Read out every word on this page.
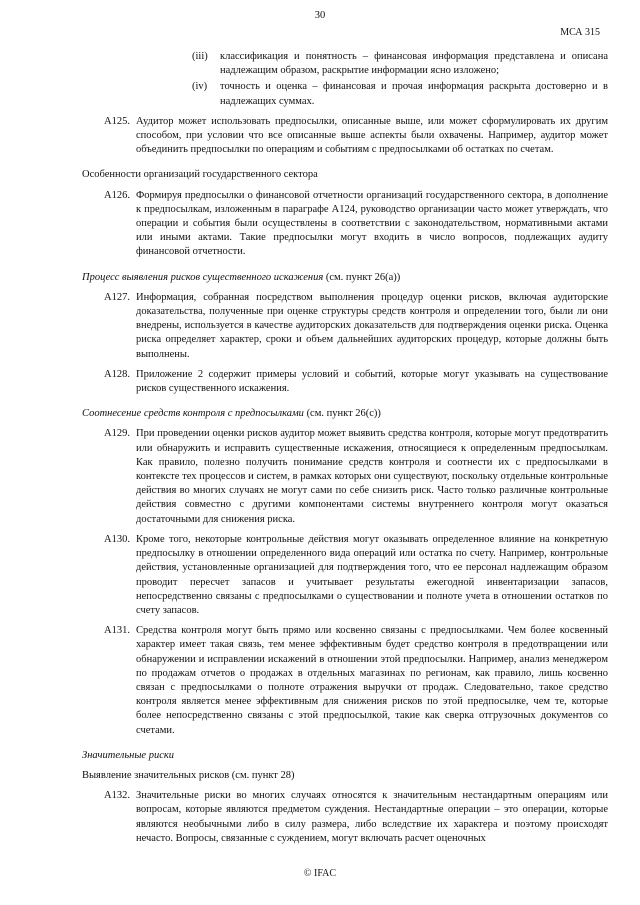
30
МСА 315
(iii)	классификация и понятность – финансовая информация представлена и описана надлежащим образом, раскрытие информации ясно изложено;
(iv)	точность и оценка – финансовая и прочая информация раскрыта достоверно и в надлежащих суммах.
A125. Аудитор может использовать предпосылки, описанные выше, или может сформулировать их другим способом, при условии что все описанные выше аспекты были охвачены. Например, аудитор может объединить предпосылки по операциям и событиям с предпосылками об остатках по счетам.
Особенности организаций государственного сектора
A126. Формируя предпосылки о финансовой отчетности организаций государственного сектора, в дополнение к предпосылкам, изложенным в параграфе А124, руководство организации часто может утверждать, что операции и события были осуществлены в соответствии с законодательством, нормативными актами или иными актами. Такие предпосылки могут входить в число вопросов, подлежащих аудиту финансовой отчетности.
Процесс выявления рисков существенного искажения (см. пункт 26(а))
A127. Информация, собранная посредством выполнения процедур оценки рисков, включая аудиторские доказательства, полученные при оценке структуры средств контроля и определении того, были ли они внедрены, используется в качестве аудиторских доказательств для подтверждения оценки риска. Оценка риска определяет характер, сроки и объем дальнейших аудиторских процедур, которые должны быть выполнены.
A128. Приложение 2 содержит примеры условий и событий, которые могут указывать на существование рисков существенного искажения.
Соотнесение средств контроля с предпосылками (см. пункт 26(с))
A129. При проведении оценки рисков аудитор может выявить средства контроля, которые могут предотвратить или обнаружить и исправить существенные искажения, относящиеся к определенным предпосылкам. Как правило, полезно получить понимание средств контроля и соотнести их с предпосылками в контексте тех процессов и систем, в рамках которых они существуют, поскольку отдельные контрольные действия во многих случаях не могут сами по себе снизить риск. Часто только различные контрольные действия совместно с другими компонентами системы внутреннего контроля могут оказаться достаточными для снижения риска.
A130. Кроме того, некоторые контрольные действия могут оказывать определенное влияние на конкретную предпосылку в отношении определенного вида операций или остатка по счету. Например, контрольные действия, установленные организацией для подтверждения того, что ее персонал надлежащим образом проводит пересчет запасов и учитывает результаты ежегодной инвентаризации запасов, непосредственно связаны с предпосылками о существовании и полноте учета в отношении остатков по счету запасов.
A131. Средства контроля могут быть прямо или косвенно связаны с предпосылками. Чем более косвенный характер имеет такая связь, тем менее эффективным будет средство контроля в предотвращении или обнаружении и исправлении искажений в отношении этой предпосылки. Например, анализ менеджером по продажам отчетов о продажах в отдельных магазинах по регионам, как правило, лишь косвенно связан с предпосылками о полноте отражения выручки от продаж. Следовательно, такое средство контроля является менее эффективным для снижения рисков по этой предпосылке, чем те, которые более непосредственно связаны с этой предпосылкой, такие как сверка отгрузочных документов со счетами.
Значительные риски
Выявление значительных рисков (см. пункт 28)
A132. Значительные риски во многих случаях относятся к значительным нестандартным операциям или вопросам, которые являются предметом суждения. Нестандартные операции – это операции, которые являются необычными либо в силу размера, либо вследствие их характера и поэтому происходят нечасто. Вопросы, связанные с суждением, могут включать расчет оценочных
© IFAC
